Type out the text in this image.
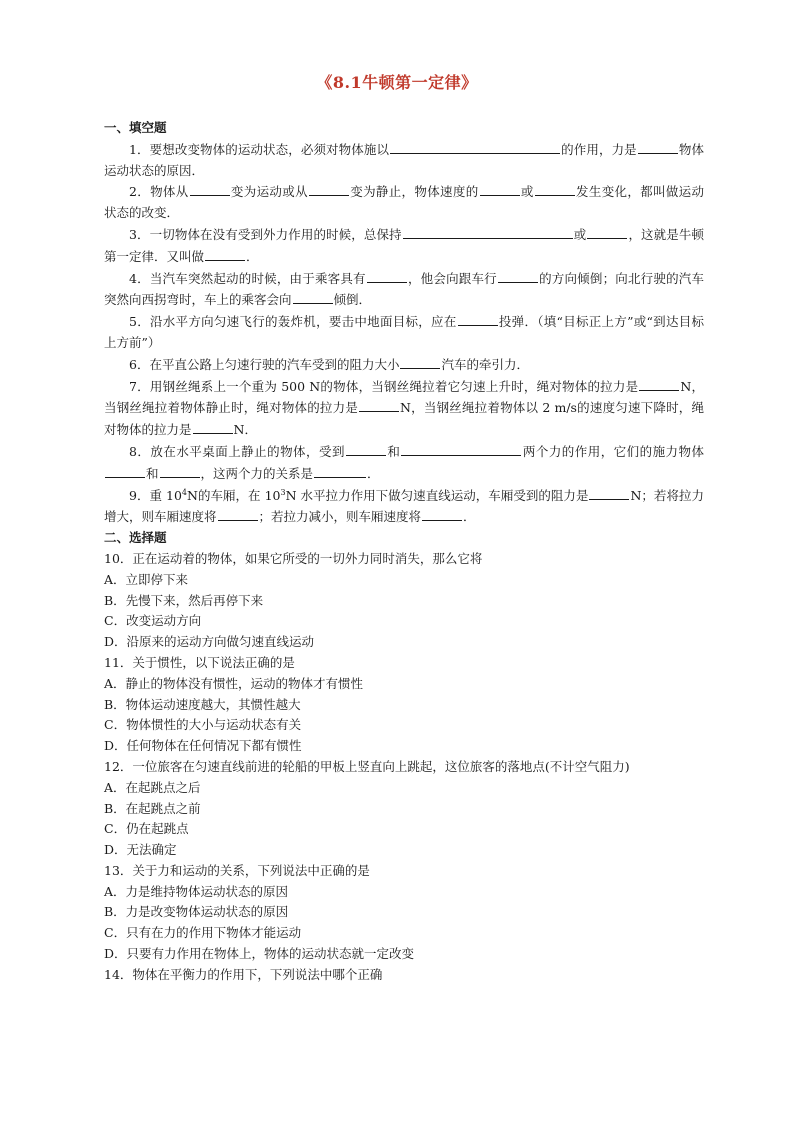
《8.1牛顿第一定律》
一、填空题

1．要想改变物体的运动状态，必须对物体施以	的作用，力是	物体运动状态的原因．

2．物体从	变为运动或从	变为静止，物体速度的	或	发生变化，都叫做运动状态的改变．

3．一切物体在没有受到外力作用的时候，总保持	或	，这就是牛顿第一定律．又叫做	．

4．当汽车突然起动的时候，由于乘客具有	，他会向跟车行	的方向倾倒；向北行驶的汽车突然向西拐弯时，车上的乘客会向	倾倒．

5．沿水平方向匀速飞行的轰炸机，要击中地面目标，应在	投弹．（填“目标正上方”或“到达目标上方前”）

6．在平直公路上匀速行驶的汽车受到的阻力大小	汽车的牵引力．

7．用钢丝绳系上一个重为 500 N的物体，当钢丝绳拉着它匀速上升时，绳对物体的拉力是	N，当钢丝绳拉着物体静止时，绳对物体的拉力是	N，当钢丝绳拉着物体以 2 m/s的速度匀速下降时，绳对物体的拉力是	N．

8．放在水平桌面上静止的物体，受到	和	两个力的作用，它们的施力物体和	，这两个力的关系是	．

9．重 $10^4N$的车厢，在 $10^3N$ 水平拉力作用下做匀速直线运动，车厢受到的阻力是	N；若将拉力增大，则车厢速度将	；若拉力减小，则车厢速度将	．

二、选择题

10．正在运动着的物体，如果它所受的一切外力同时消失，那么它将

A．立即停下来

B．先慢下来，然后再停下来

C．改变运动方向

D．沿原来的运动方向做匀速直线运动

11．关于惯性，以下说法正确的是

A．静止的物体没有惯性，运动的物体才有惯性

B．物体运动速度越大，其惯性越大

C．物体惯性的大小与运动状态有关

D．任何物体在任何情况下都有惯性

12．一位旅客在匀速直线前进的轮船的甲板上竖直向上跳起，这位旅客的落地点(不计空气阻力)

A．在起跳点之后

B．在起跳点之前

C．仍在起跳点

D．无法确定

13．关于力和运动的关系，下列说法中正确的是

A．力是维持物体运动状态的原因

B．力是改变物体运动状态的原因

C．只有在力的作用下物体才能运动

D．只要有力作用在物体上，物体的运动状态就一定改变

14．物体在平衡力的作用下，下列说法中哪个正确
